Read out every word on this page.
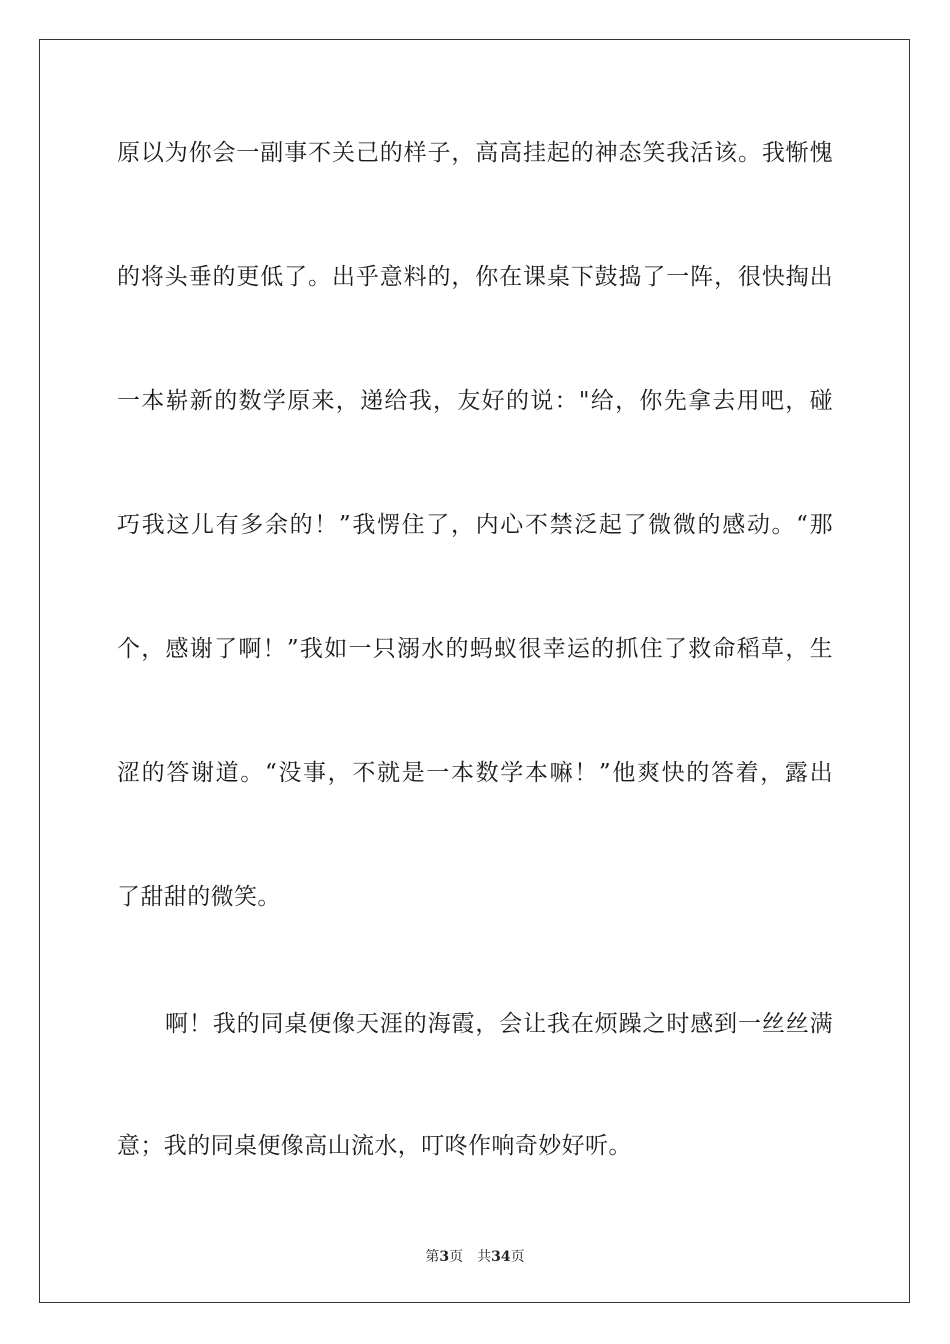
原以为你会一副事不关己的样子，高高挂起的神态笑我活该。我惭愧
的将头垂的更低了。出乎意料的，你在课桌下鼓捣了一阵，很快掏出
一本崭新的数学原来，递给我，友好的说："给，你先拿去用吧，碰
巧我这儿有多余的！”我愣住了，内心不禁泛起了微微的感动。“那
个，感谢了啊！”我如一只溺水的蚂蚁很幸运的抓住了救命稻草，生
涩的答谢道。“没事，不就是一本数学本嘛！”他爽快的答着，露出
了甜甜的微笑。
啊！我的同桌便像天涯的海霞，会让我在烦躁之时感到一丝丝满
意；我的同桌便像高山流水，叮咚作响奇妙好听。
第3页 共34页
